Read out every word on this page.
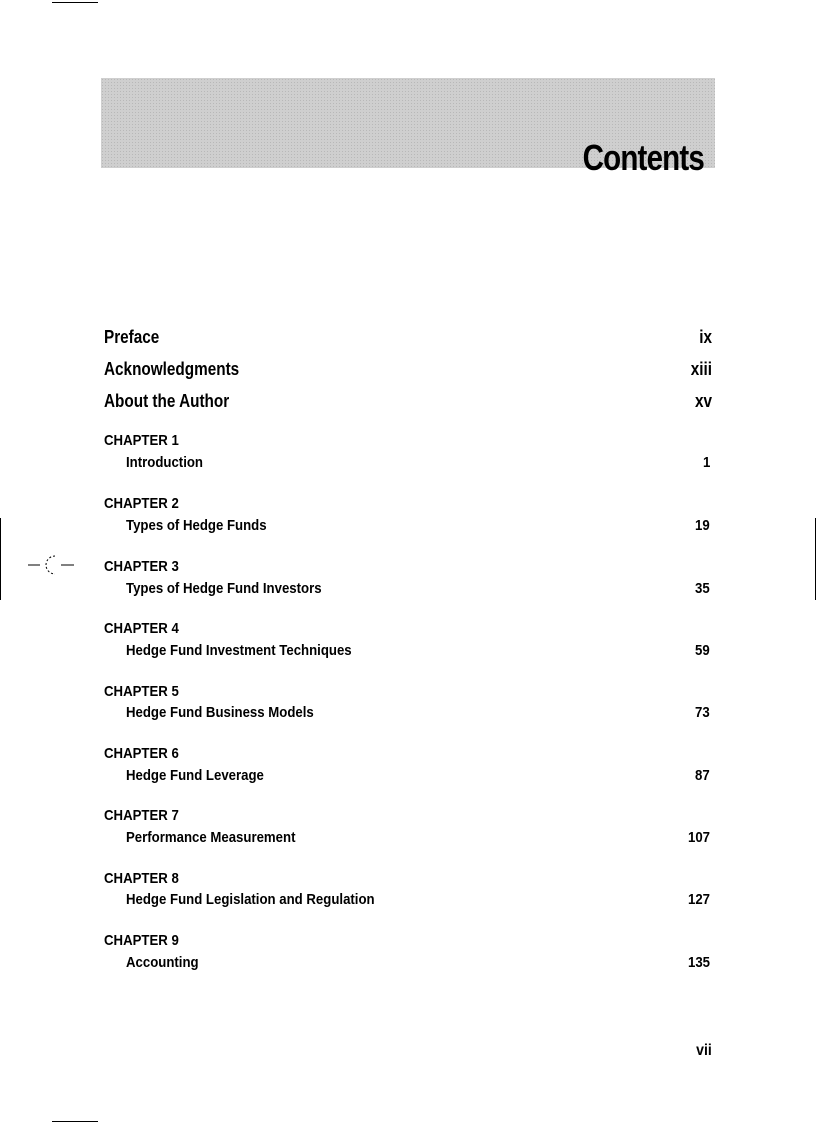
Contents
Preface	ix
Acknowledgments	xiii
About the Author	xv
CHAPTER 1
Introduction	1
CHAPTER 2
Types of Hedge Funds	19
CHAPTER 3
Types of Hedge Fund Investors	35
CHAPTER 4
Hedge Fund Investment Techniques	59
CHAPTER 5
Hedge Fund Business Models	73
CHAPTER 6
Hedge Fund Leverage	87
CHAPTER 7
Performance Measurement	107
CHAPTER 8
Hedge Fund Legislation and Regulation	127
CHAPTER 9
Accounting	135
vii
